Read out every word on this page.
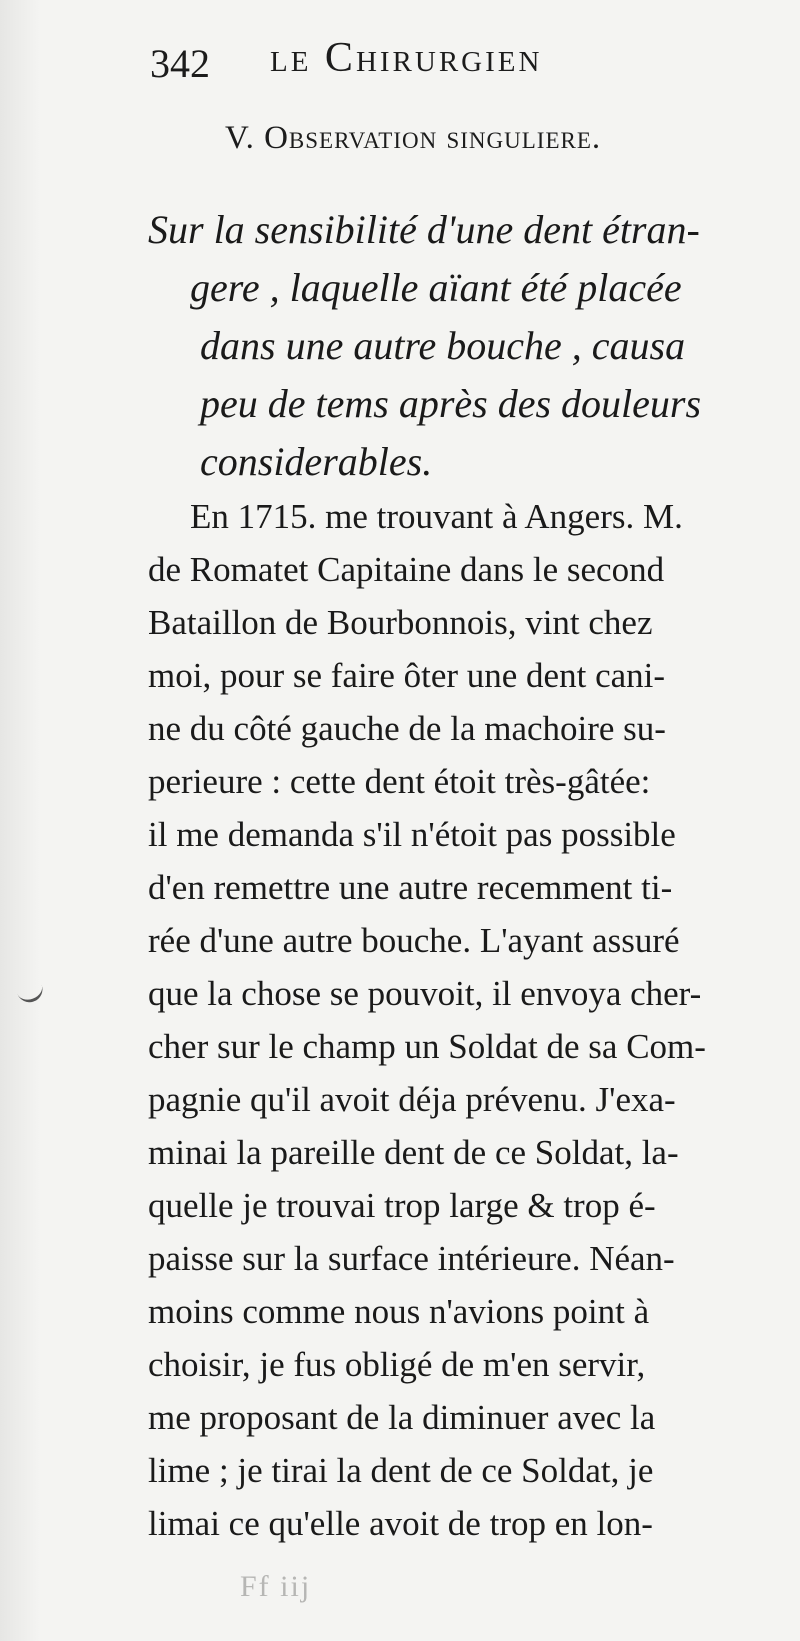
342 le Chirurgien
V. Observation singuliere.
Sur la sensibilité d'une dent étran-
gere , laquelle aïant été placée
dans une autre bouche , causa
peu de tems après des douleurs
considerables.
En 1715. me trouvant à Angers. M.
de Romatet Capitaine dans le second
Bataillon de Bourbonnois, vint chez
moi, pour se faire ôter une dent cani-
ne du côté gauche de la machoire su-
perieure : cette dent étoit très-gâtée:
il me demanda s'il n'étoit pas possible
d'en remettre une autre recemment ti-
rée d'une autre bouche. L'ayant assuré
que la chose se pouvoit, il envoya cher-
cher sur le champ un Soldat de sa Com-
pagnie qu'il avoit déja prévenu. J'exa-
minai la pareille dent de ce Soldat, la-
quelle je trouvai trop large & trop é-
paisse sur la surface intérieure. Néan-
moins comme nous n'avions point à
choisir, je fus obligé de m'en servir,
me proposant de la diminuer avec la
lime ; je tirai la dent de ce Soldat, je
limai ce qu'elle avoit de trop en lon-
Ff iij
